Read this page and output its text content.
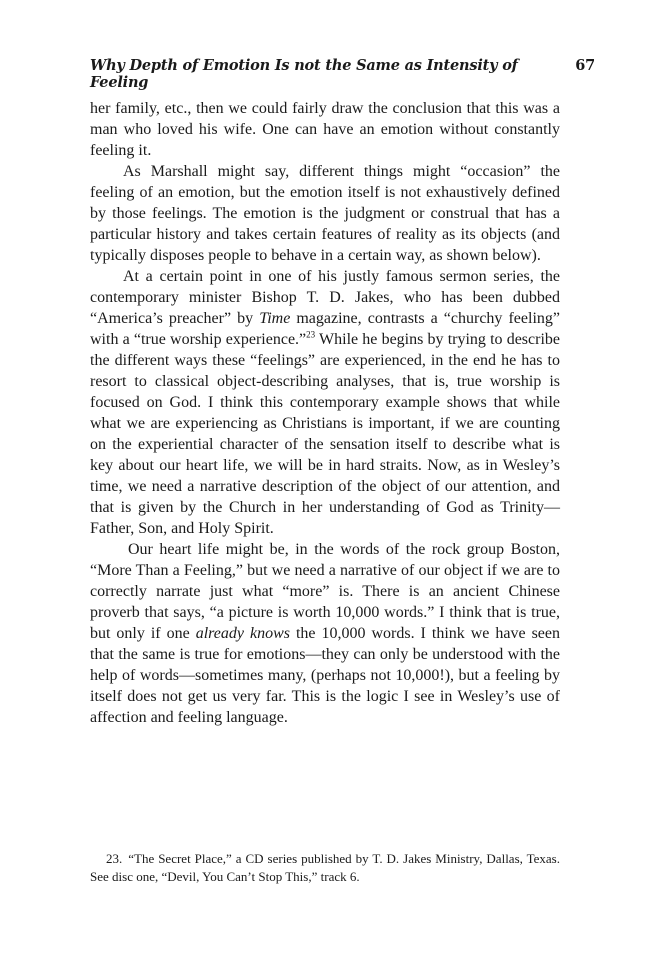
Why Depth of Emotion Is not the Same as Intensity of Feeling
67

her family, etc., then we could fairly draw the conclusion that this was a man who loved his wife. One can have an emotion without constantly feeling it.

As Marshall might say, different things might “occasion” the feeling of an emotion, but the emotion itself is not exhaustively defined by those feelings. The emotion is the judgment or construal that has a particular history and takes certain features of reality as its objects (and typically disposes people to behave in a certain way, as shown below).

At a certain point in one of his justly famous sermon series, the contemporary minister Bishop T. D. Jakes, who has been dubbed “America’s preacher” by Time magazine, contrasts a “churchy feeling” with a “true worship experience.”$^{23}$ While he begins by trying to describe the different ways these “feelings” are experienced, in the end he has to resort to classical object-describing analyses, that is, true worship is focused on God. I think this contemporary example shows that while what we are experiencing as Christians is important, if we are counting on the experiential character of the sensation itself to describe what is key about our heart life, we will be in hard straits. Now, as in Wesley’s time, we need a narrative description of the object of our attention, and that is given by the Church in her understanding of God as Trinity—Father, Son, and Holy Spirit.

Our heart life might be, in the words of the rock group Boston, “More Than a Feeling,” but we need a narrative of our object if we are to correctly narrate just what “more” is. There is an ancient Chinese proverb that says, “a picture is worth 10,000 words.” I think that is true, but only if one already knows the 10,000 words. I think we have seen that the same is true for emotions—they can only be understood with the help of words—sometimes many, (perhaps not 10,000!), but a feeling by itself does not get us very far. This is the logic I see in Wesley’s use of affection and feeling language.

23. “The Secret Place,” a CD series published by T. D. Jakes Ministry, Dallas, Texas. See disc one, “Devil, You Can’t Stop This,” track 6.
